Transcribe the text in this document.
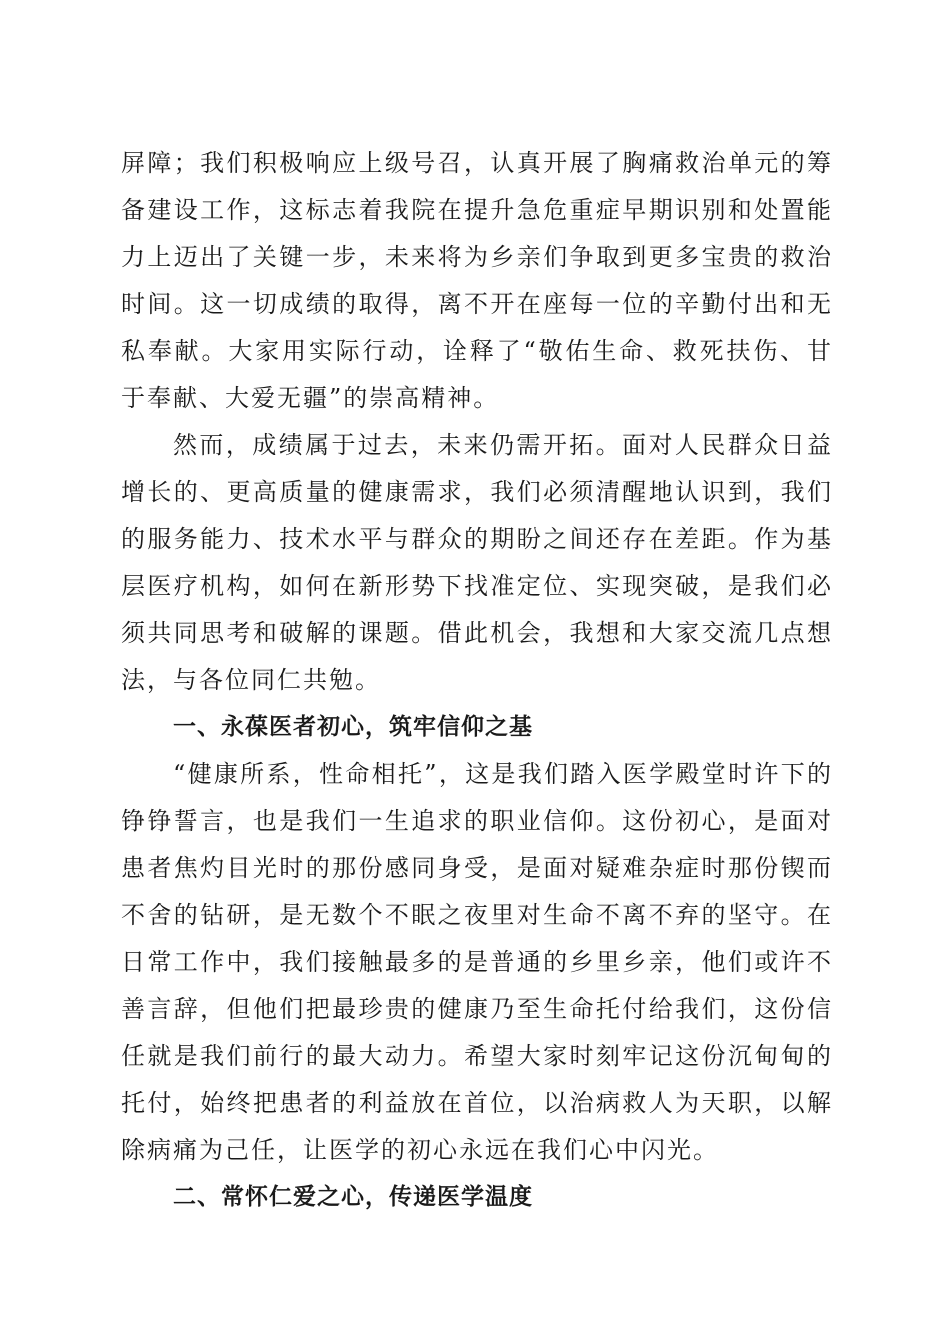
屏障；我们积极响应上级号召，认真开展了胸痛救治单元的筹备建设工作，这标志着我院在提升急危重症早期识别和处置能力上迈出了关键一步，未来将为乡亲们争取到更多宝贵的救治时间。这一切成绩的取得，离不开在座每一位的辛勤付出和无私奉献。大家用实际行动，诠释了“敬佑生命、救死扶伤、甘于奉献、大爱无疆”的崇高精神。

然而，成绩属于过去，未来仍需开拓。面对人民群众日益增长的、更高质量的健康需求，我们必须清醒地认识到，我们的服务能力、技术水平与群众的期盼之间还存在差距。作为基层医疗机构，如何在新形势下找准定位、实现突破，是我们必须共同思考和破解的课题。借此机会，我想和大家交流几点想法，与各位同仁共勉。

一、永葆医者初心，筑牢信仰之基

“健康所系，性命相托”，这是我们踏入医学殿堂时许下的铮铮誓言，也是我们一生追求的职业信仰。这份初心，是面对患者焦灼目光时的那份感同身受，是面对疑难杂症时那份锲而不舍的钻研，是无数个不眠之夜里对生命不离不弃的坚守。在日常工作中，我们接触最多的是普通的乡里乡亲，他们或许不善言辞，但他们把最珍贵的健康乃至生命托付给我们，这份信任就是我们前行的最大动力。希望大家时刻牢记这份沉甸甸的托付，始终把患者的利益放在首位，以治病救人为天职，以解除病痛为己任，让医学的初心永远在我们心中闪光。

二、常怀仁爱之心，传递医学温度
